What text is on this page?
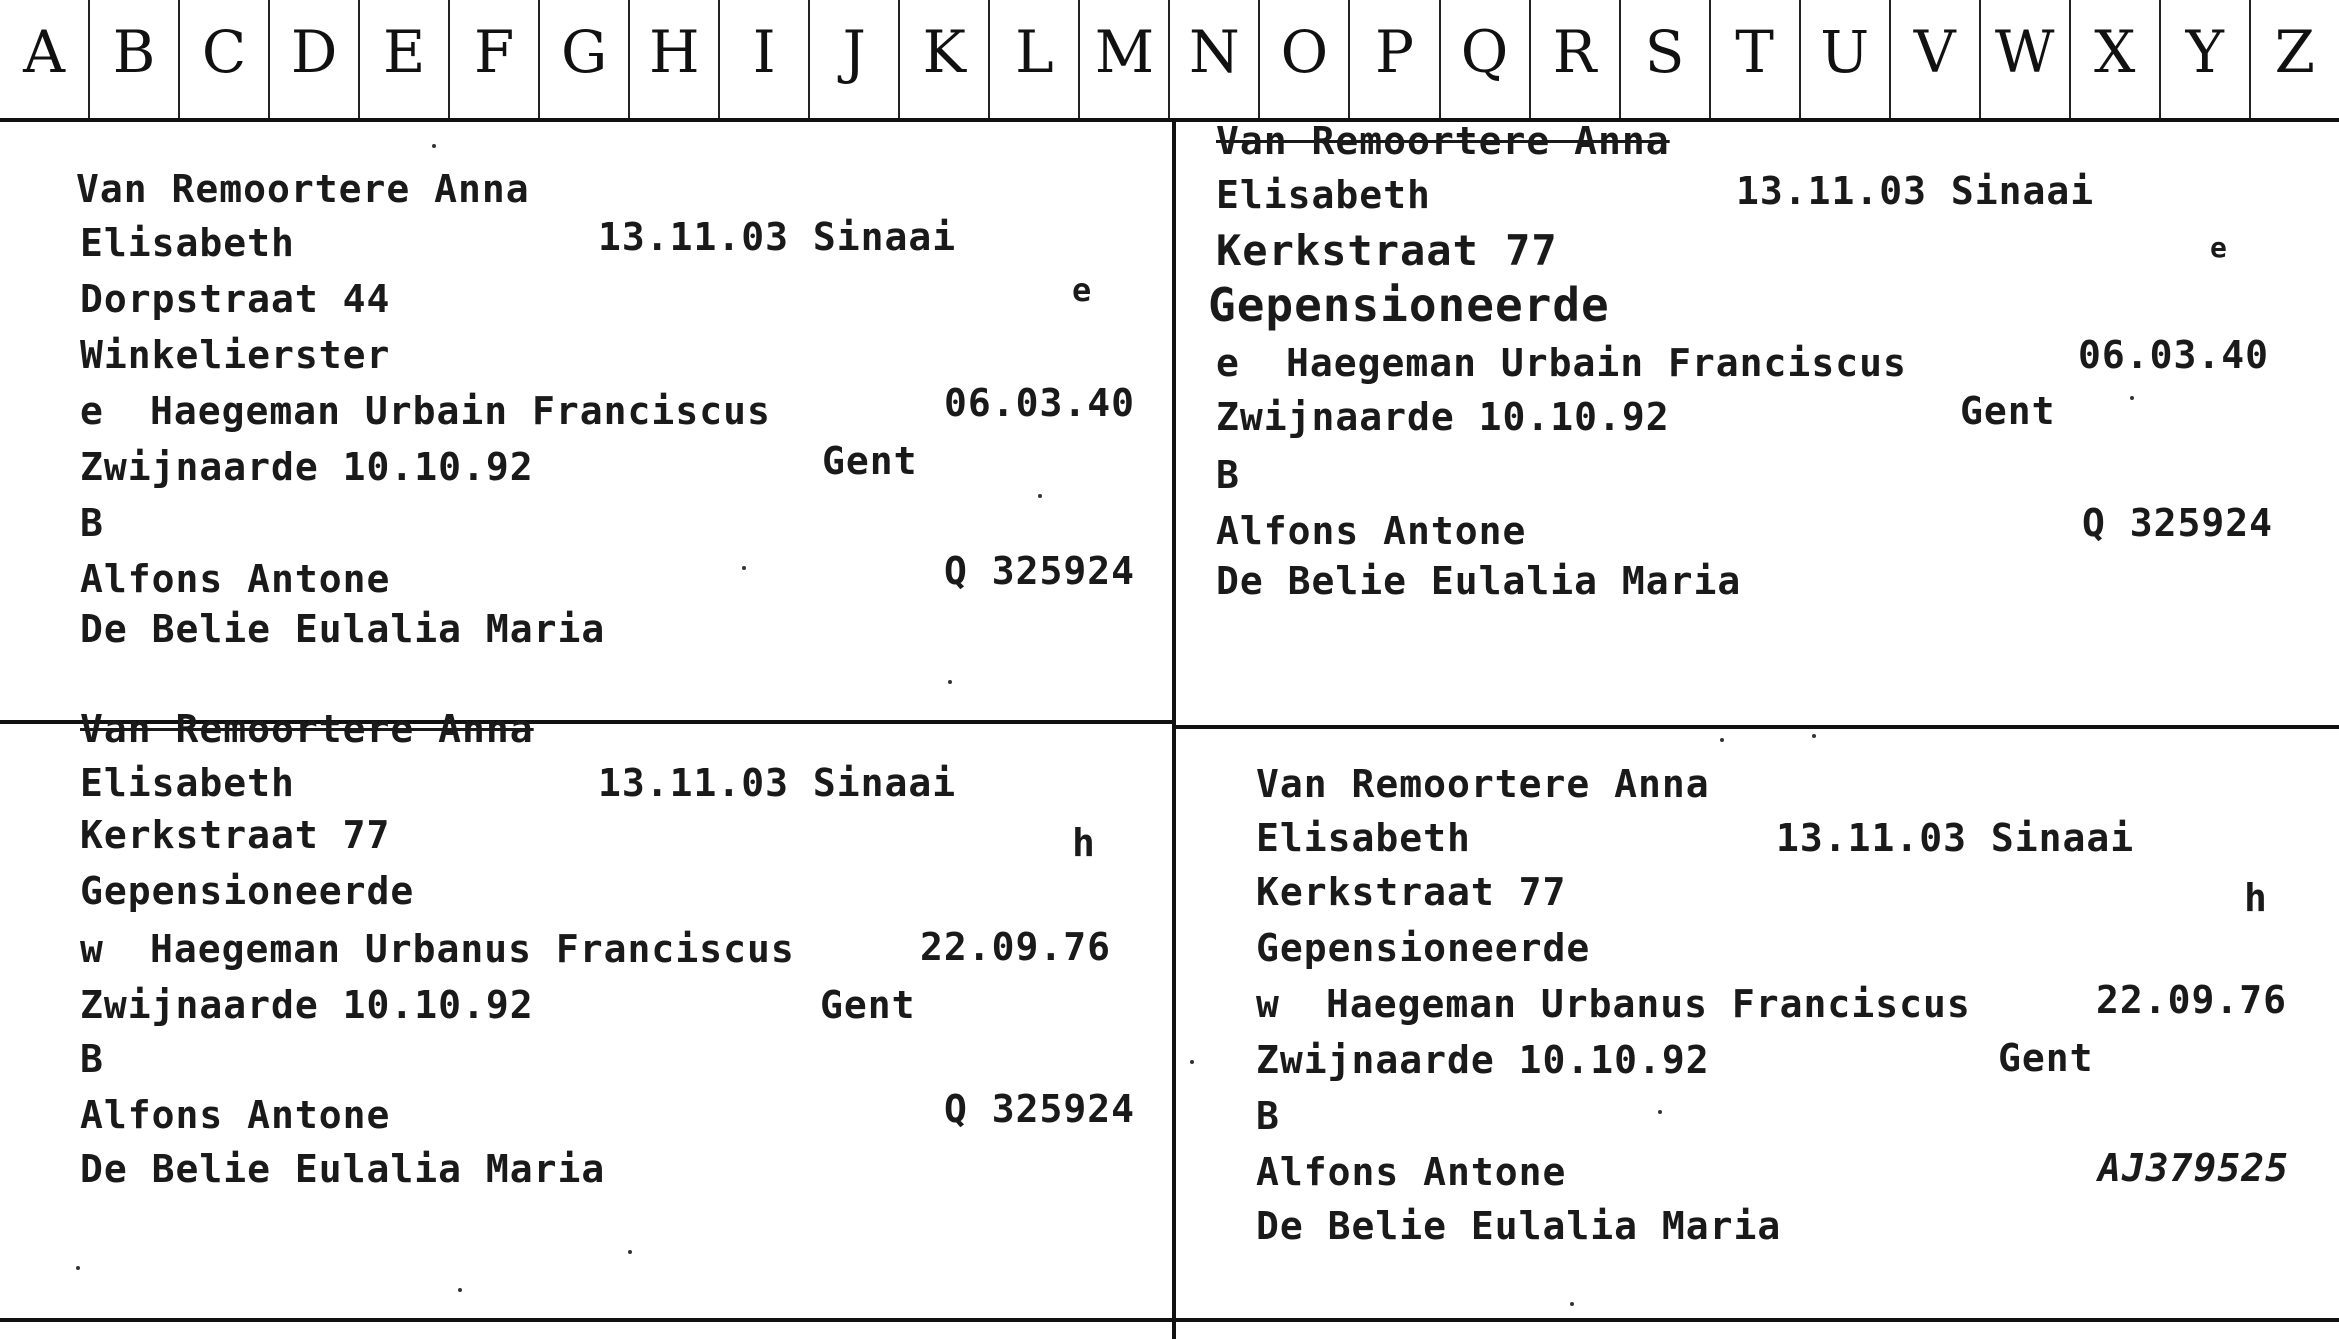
A B C D E F G H I	J K L M N O P Q R S T U V W X Y Z
Van Remoortere Anna
Elisabeth	13.11.03 Sinaai
Dorpstraat 44	e
Winkelierster
e Haegeman Urbain Franciscus	06.03.40
Zwijnaarde 10.10.92	Gent
B
Alfons Antone	Q 325924
De Belie Eulalia Maria
Van Remoortere Anna
Elisabeth	13.11.03 Sinaai
Kerkstraat 77	e
Gepensioneerde
e Haegeman Urbain Franciscus	06.03.40
Zwijnaarde 10.10.92	Gent
B
Alfons Antone	Q 325924
De Belie Eulalia Maria
Van Remoortere Anna
Elisabeth	13.11.03 Sinaai
Kerkstraat 77	h
Gepensioneerde
w Haegeman Urbanus Franciscus	22.09.76
Zwijnaarde 10.10.92	Gent
B
Alfons Antone	Q 325924
De Belie Eulalia Maria
Van Remoortere Anna
Elisabeth	13.11.03 Sinaai
Kerkstraat 77	h
Gepensioneerde
w Haegeman Urbanus Franciscus	22.09.76
Zwijnaarde 10.10.92	Gent
B
Alfons Antone	AJ379525
De Belie Eulalia Maria
